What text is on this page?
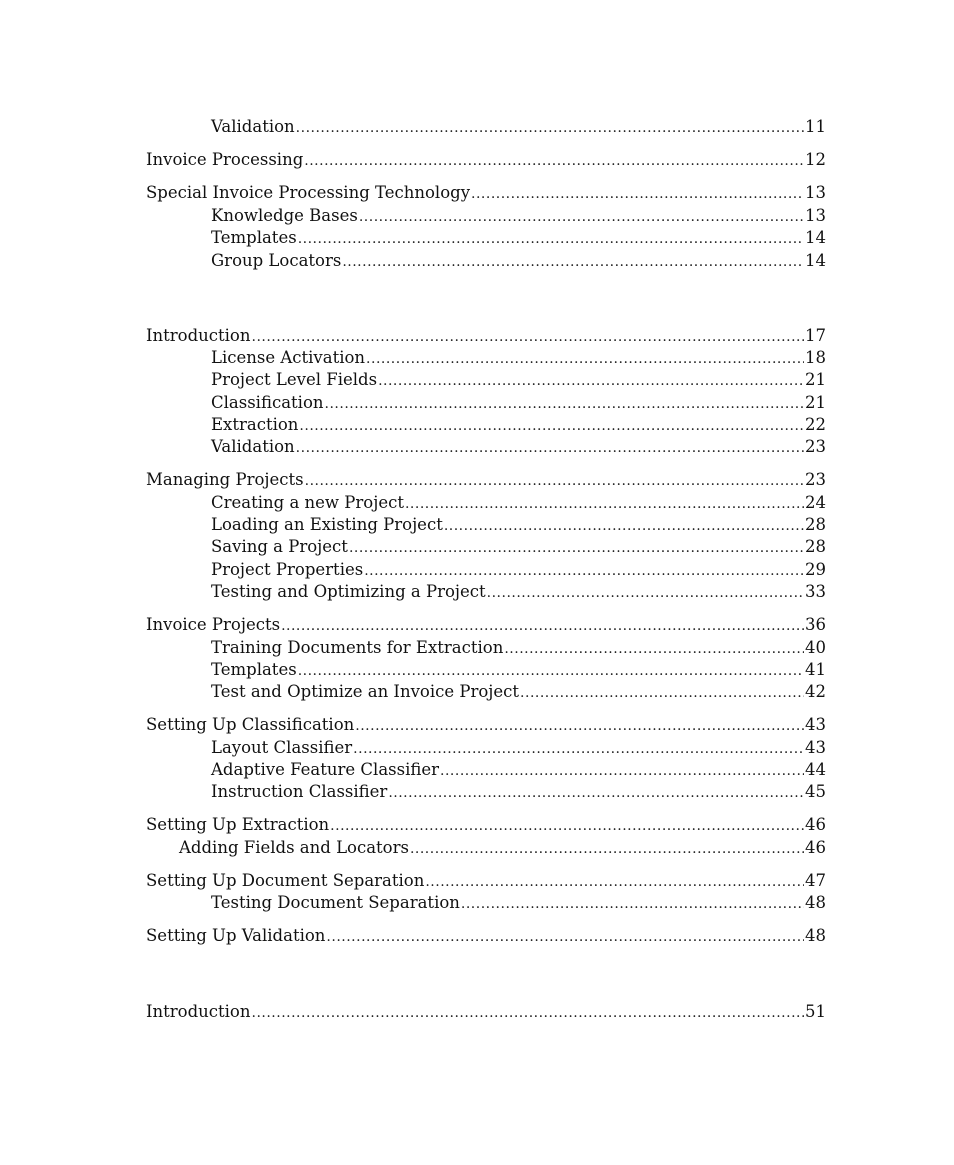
Validation .....	11
Invoice Processing .....	12
Special Invoice Processing Technology .....	13
Knowledge Bases .....	13
Templates .....	14
Group Locators .....	14
Introduction .....	17
License Activation .....	18
Project Level Fields .....	21
Classification .....	21
Extraction .....	22
Validation .....	23
Managing Projects .....	23
Creating a new Project .....	24
Loading an Existing Project .....	28
Saving a Project .....	28
Project Properties .....	29
Testing and Optimizing a Project .....	33
Invoice Projects .....	36
Training Documents for Extraction .....	40
Templates .....	41
Test and Optimize an Invoice Project .....	42
Setting Up Classification .....	43
Layout Classifier .....	43
Adaptive Feature Classifier .....	44
Instruction Classifier .....	45
Setting Up Extraction .....	46
Adding Fields and Locators .....	46
Setting Up Document Separation .....	47
Testing Document Separation .....	48
Setting Up Validation .....	48
Introduction .....	51
